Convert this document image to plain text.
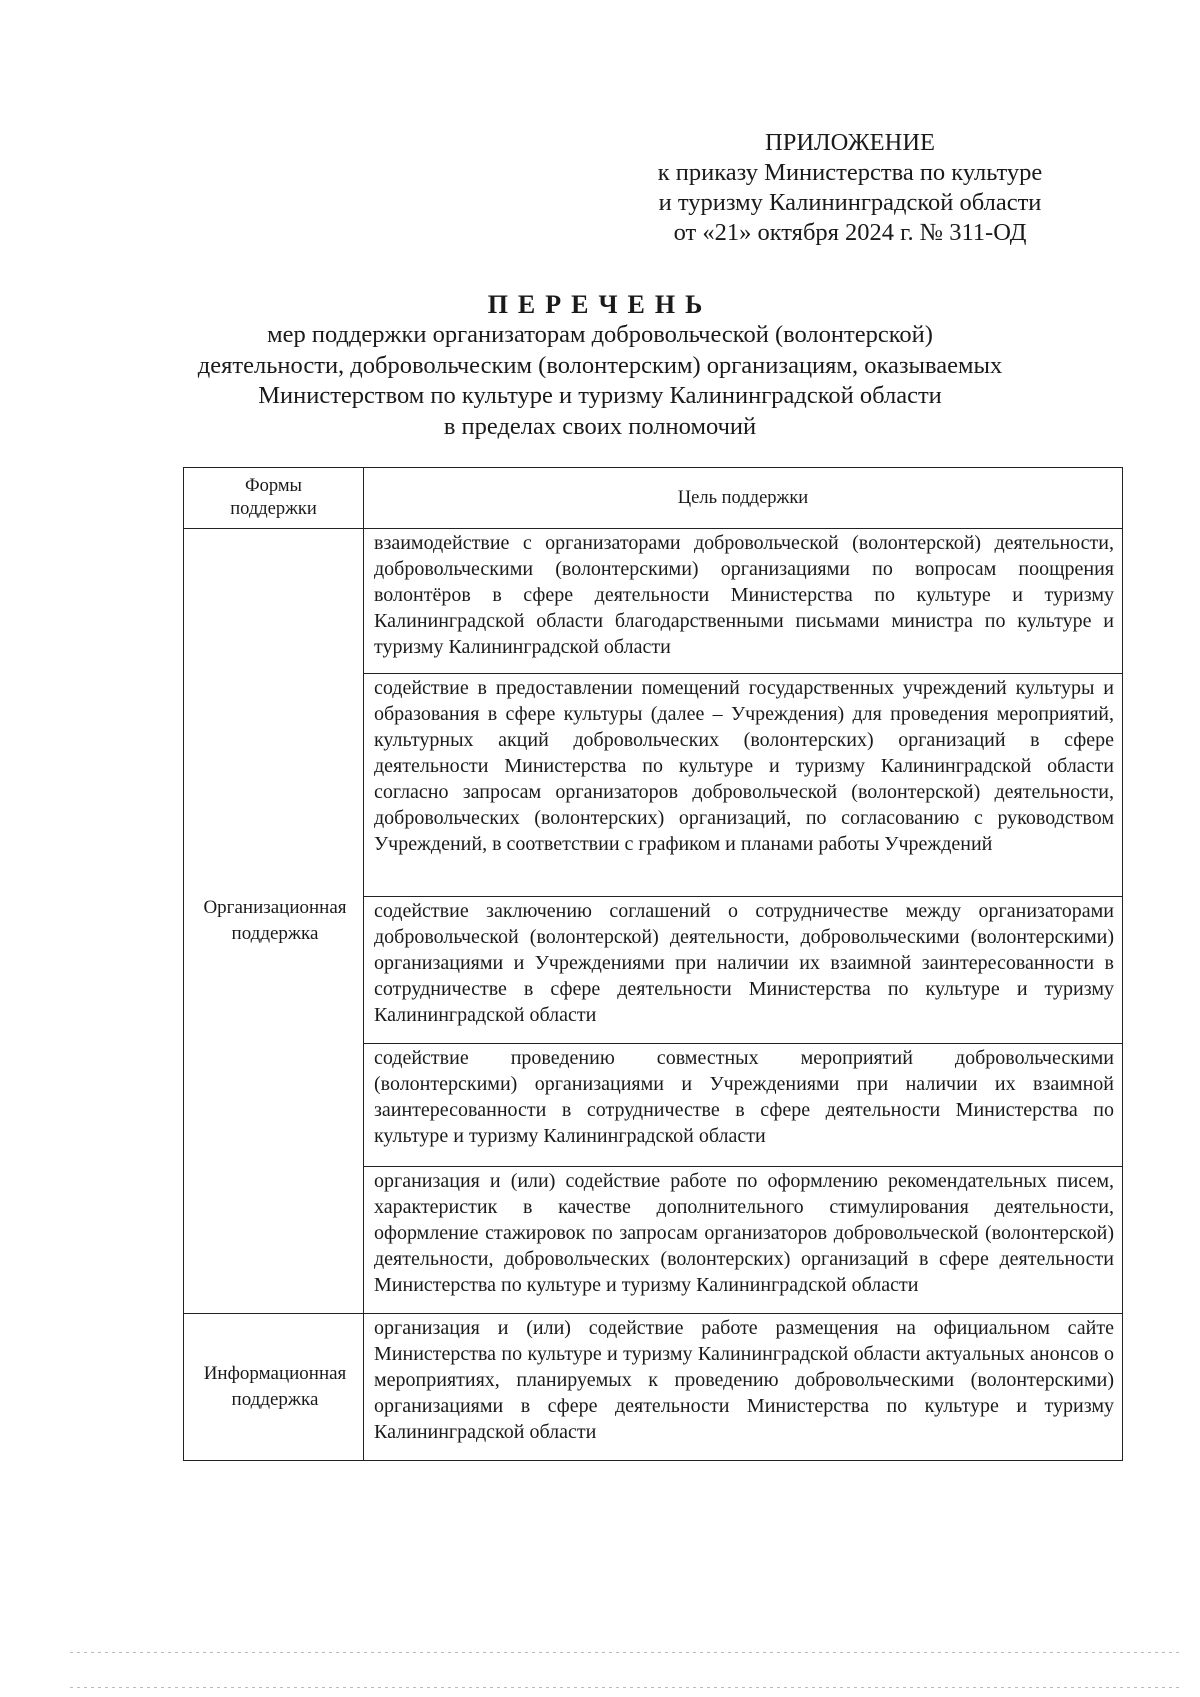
ПРИЛОЖЕНИЕ
к приказу Министерства по культуре
и туризму Калининградской области
от «21» октября 2024 г. № 311-ОД
ПЕРЕЧЕНЬ
мер поддержки организаторам добровольческой (волонтерской)
деятельности, добровольческим (волонтерским) организациям, оказываемых
Министерством по культуре и туризму Калининградской области
в пределах своих полномочий
Формы поддержки	Цель поддержки
Организационная поддержка	взаимодействие с организаторами добровольческой (волонтерской) деятельности, добровольческими (волонтерскими) организациями по вопросам поощрения волонтёров в сфере деятельности Министерства по культуре и туризму Калининградской области благодарственными письмами министра по культуре и туризму Калининградской области

	содействие в предоставлении помещений государственных учреждений культуры и образования в сфере культуры (далее – Учреждения) для проведения мероприятий, культурных акций добровольческих (волонтерских) организаций в сфере деятельности Министерства по культуре и туризму Калининградской области согласно запросам организаторов добровольческой (волонтерской) деятельности, добровольческих (волонтерских) организаций, по согласованию с руководством Учреждений, в соответствии с графиком и планами работы Учреждений

	содействие заключению соглашений о сотрудничестве между организаторами добровольческой (волонтерской) деятельности, добровольческими (волонтерскими) организациями и Учреждениями при наличии их взаимной заинтересованности в сотрудничестве в сфере деятельности Министерства по культуре и туризму Калининградской области

	содействие проведению совместных мероприятий добровольческими (волонтерскими) организациями и Учреждениями при наличии их взаимной заинтересованности в сотрудничестве в сфере деятельности Министерства по культуре и туризму Калининградской области

	организация и (или) содействие работе по оформлению рекомендательных писем, характеристик в качестве дополнительного стимулирования деятельности, оформление стажировок по запросам организаторов добровольческой (волонтерской) деятельности, добровольческих (волонтерских) организаций в сфере деятельности Министерства по культуре и туризму Калининградской области

Информационная поддержка	организация и (или) содействие работе размещения на официальном сайте Министерства по культуре и туризму Калининградской области актуальных анонсов о мероприятиях, планируемых к проведению добровольческими (волонтерскими) организациями в сфере деятельности Министерства по культуре и туризму Калининградской области
